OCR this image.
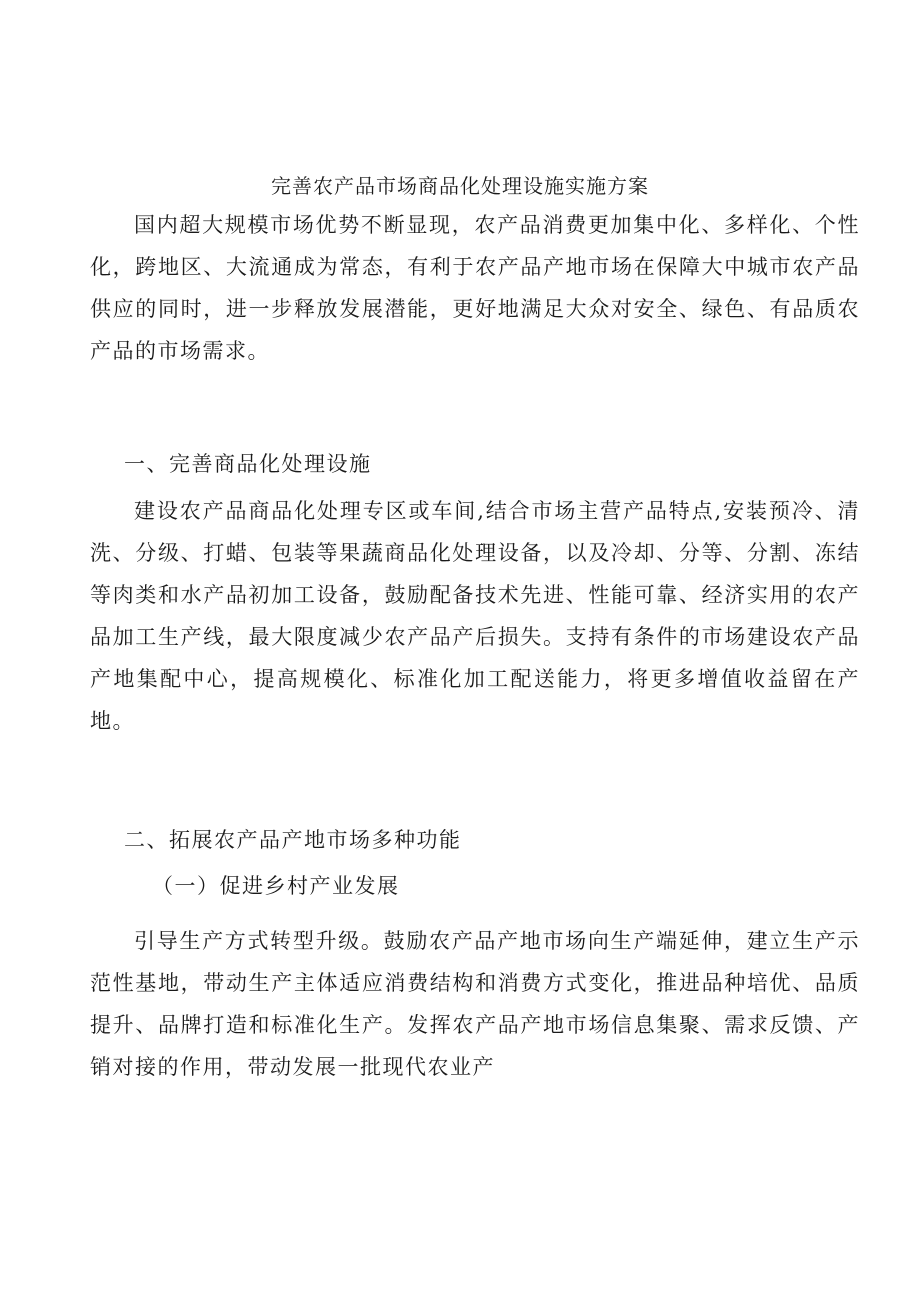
完善农产品市场商品化处理设施实施方案

国内超大规模市场优势不断显现，农产品消费更加集中化、多样化、个性化，跨地区、大流通成为常态，有利于农产品产地市场在保障大中城市农产品供应的同时，进一步释放发展潜能，更好地满足大众对安全、绿色、有品质农产品的市场需求。

一、完善商品化处理设施

建设农产品商品化处理专区或车间,结合市场主营产品特点,安装预冷、清洗、分级、打蜡、包装等果蔬商品化处理设备，以及冷却、分等、分割、冻结等肉类和水产品初加工设备，鼓励配备技术先进、性能可靠、经济实用的农产品加工生产线，最大限度减少农产品产后损失。支持有条件的市场建设农产品产地集配中心，提高规模化、标准化加工配送能力，将更多增值收益留在产地。

二、拓展农产品产地市场多种功能
（一）促进乡村产业发展

引导生产方式转型升级。鼓励农产品产地市场向生产端延伸，建立生产示范性基地，带动生产主体适应消费结构和消费方式变化，推进品种培优、品质提升、品牌打造和标准化生产。发挥农产品产地市场信息集聚、需求反馈、产销对接的作用，带动发展一批现代农业产
